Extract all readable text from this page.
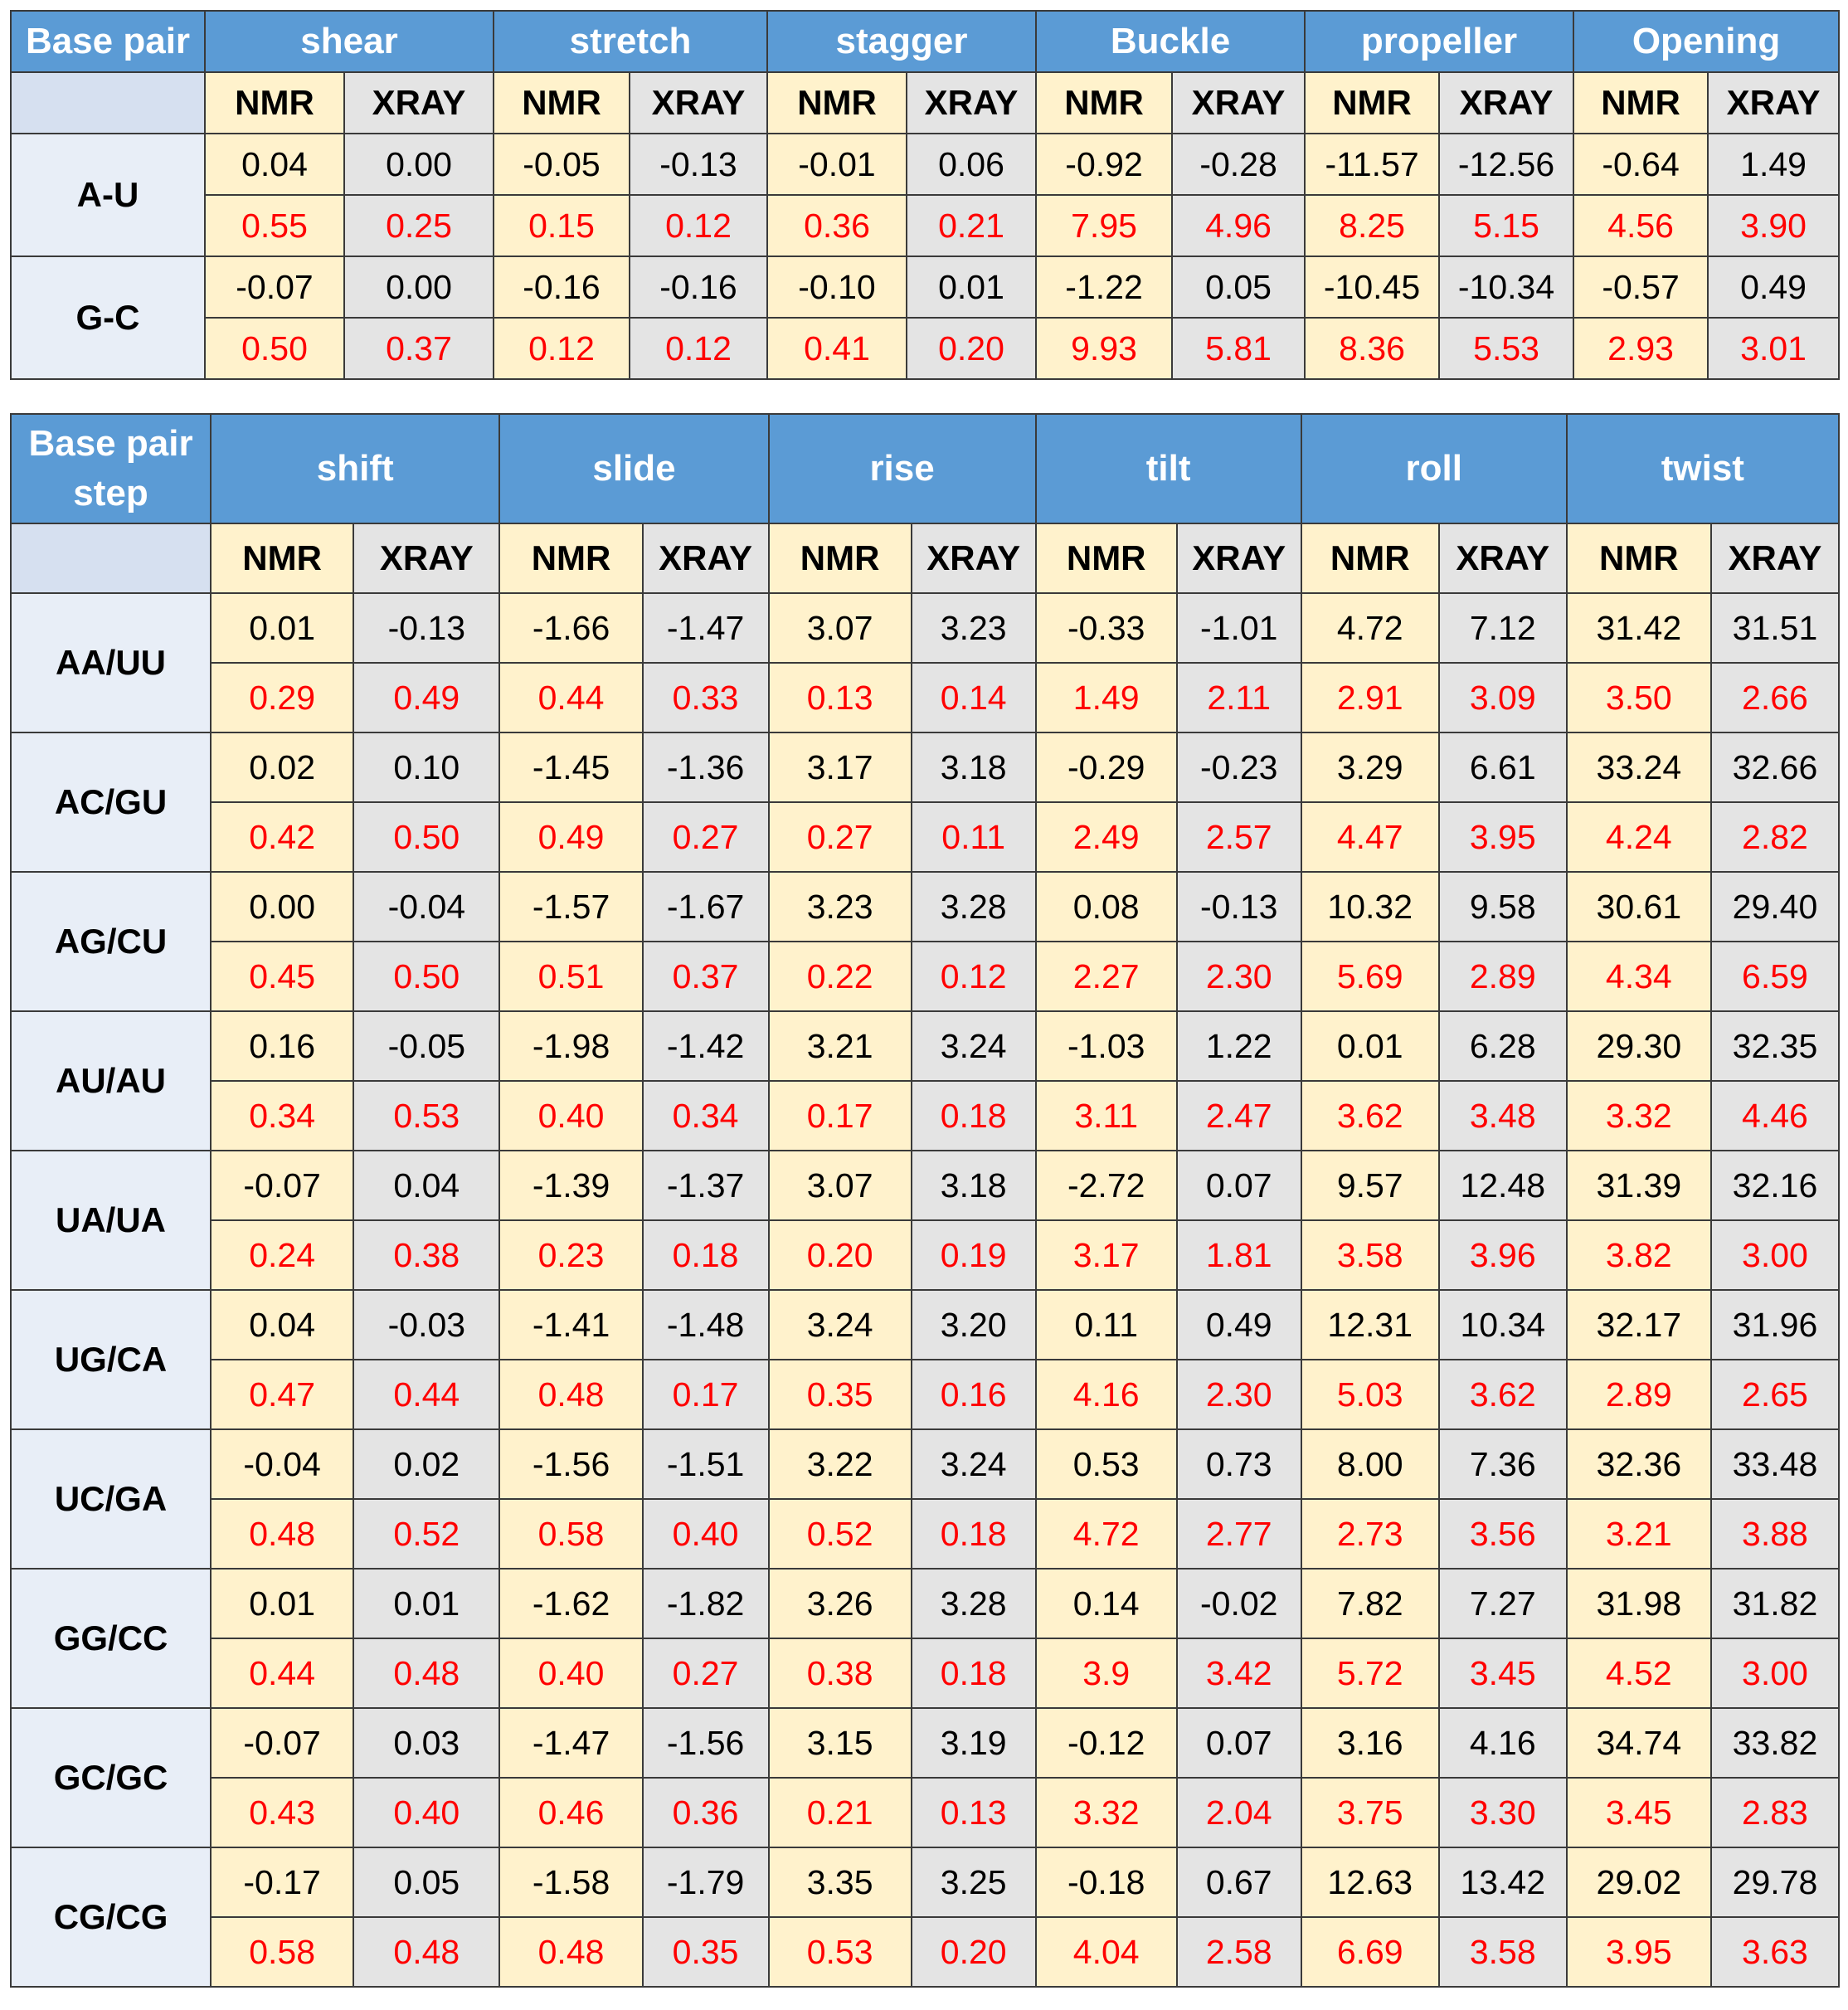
Base pair	shear		stretch		stagger		Buckle		propeller		Opening	
	NMR	XRAY	NMR	XRAY	NMR	XRAY	NMR	XRAY	NMR	XRAY	NMR	XRAY
A-U	0.04	0.00	-0.05	-0.13	-0.01	0.06	-0.92	-0.28	-11.57	-12.56	-0.64	1.49
	0.55	0.25	0.15	0.12	0.36	0.21	7.95	4.96	8.25	5.15	4.56	3.90
G-C	-0.07	0.00	-0.16	-0.16	-0.10	0.01	-1.22	0.05	-10.45	-10.34	-0.57	0.49
	0.50	0.37	0.12	0.12	0.41	0.20	9.93	5.81	8.36	5.53	2.93	3.01
Base pair
step	shift		slide		rise		tilt		roll		twist	
	NMR	XRAY	NMR	XRAY	NMR	XRAY	NMR	XRAY	NMR	XRAY	NMR	XRAY
AA/UU	0.01	-0.13	-1.66	-1.47	3.07	3.23	-0.33	-1.01	4.72	7.12	31.42	31.51
	0.29	0.49	0.44	0.33	0.13	0.14	1.49	2.11	2.91	3.09	3.50	2.66
AC/GU	0.02	0.10	-1.45	-1.36	3.17	3.18	-0.29	-0.23	3.29	6.61	33.24	32.66
	0.42	0.50	0.49	0.27	0.27	0.11	2.49	2.57	4.47	3.95	4.24	2.82
AG/CU	0.00	-0.04	-1.57	-1.67	3.23	3.28	0.08	-0.13	10.32	9.58	30.61	29.40
	0.45	0.50	0.51	0.37	0.22	0.12	2.27	2.30	5.69	2.89	4.34	6.59
AU/AU	0.16	-0.05	-1.98	-1.42	3.21	3.24	-1.03	1.22	0.01	6.28	29.30	32.35
	0.34	0.53	0.40	0.34	0.17	0.18	3.11	2.47	3.62	3.48	3.32	4.46
UA/UA	-0.07	0.04	-1.39	-1.37	3.07	3.18	-2.72	0.07	9.57	12.48	31.39	32.16
	0.24	0.38	0.23	0.18	0.20	0.19	3.17	1.81	3.58	3.96	3.82	3.00
UG/CA	0.04	-0.03	-1.41	-1.48	3.24	3.20	0.11	0.49	12.31	10.34	32.17	31.96
	0.47	0.44	0.48	0.17	0.35	0.16	4.16	2.30	5.03	3.62	2.89	2.65
UC/GA	-0.04	0.02	-1.56	-1.51	3.22	3.24	0.53	0.73	8.00	7.36	32.36	33.48
	0.48	0.52	0.58	0.40	0.52	0.18	4.72	2.77	2.73	3.56	3.21	3.88
GG/CC	0.01	0.01	-1.62	-1.82	3.26	3.28	0.14	-0.02	7.82	7.27	31.98	31.82
	0.44	0.48	0.40	0.27	0.38	0.18	3.9	3.42	5.72	3.45	4.52	3.00
GC/GC	-0.07	0.03	-1.47	-1.56	3.15	3.19	-0.12	0.07	3.16	4.16	34.74	33.82
	0.43	0.40	0.46	0.36	0.21	0.13	3.32	2.04	3.75	3.30	3.45	2.83
CG/CG	-0.17	0.05	-1.58	-1.79	3.35	3.25	-0.18	0.67	12.63	13.42	29.02	29.78
	0.58	0.48	0.48	0.35	0.53	0.20	4.04	2.58	6.69	3.58	3.95	3.63
